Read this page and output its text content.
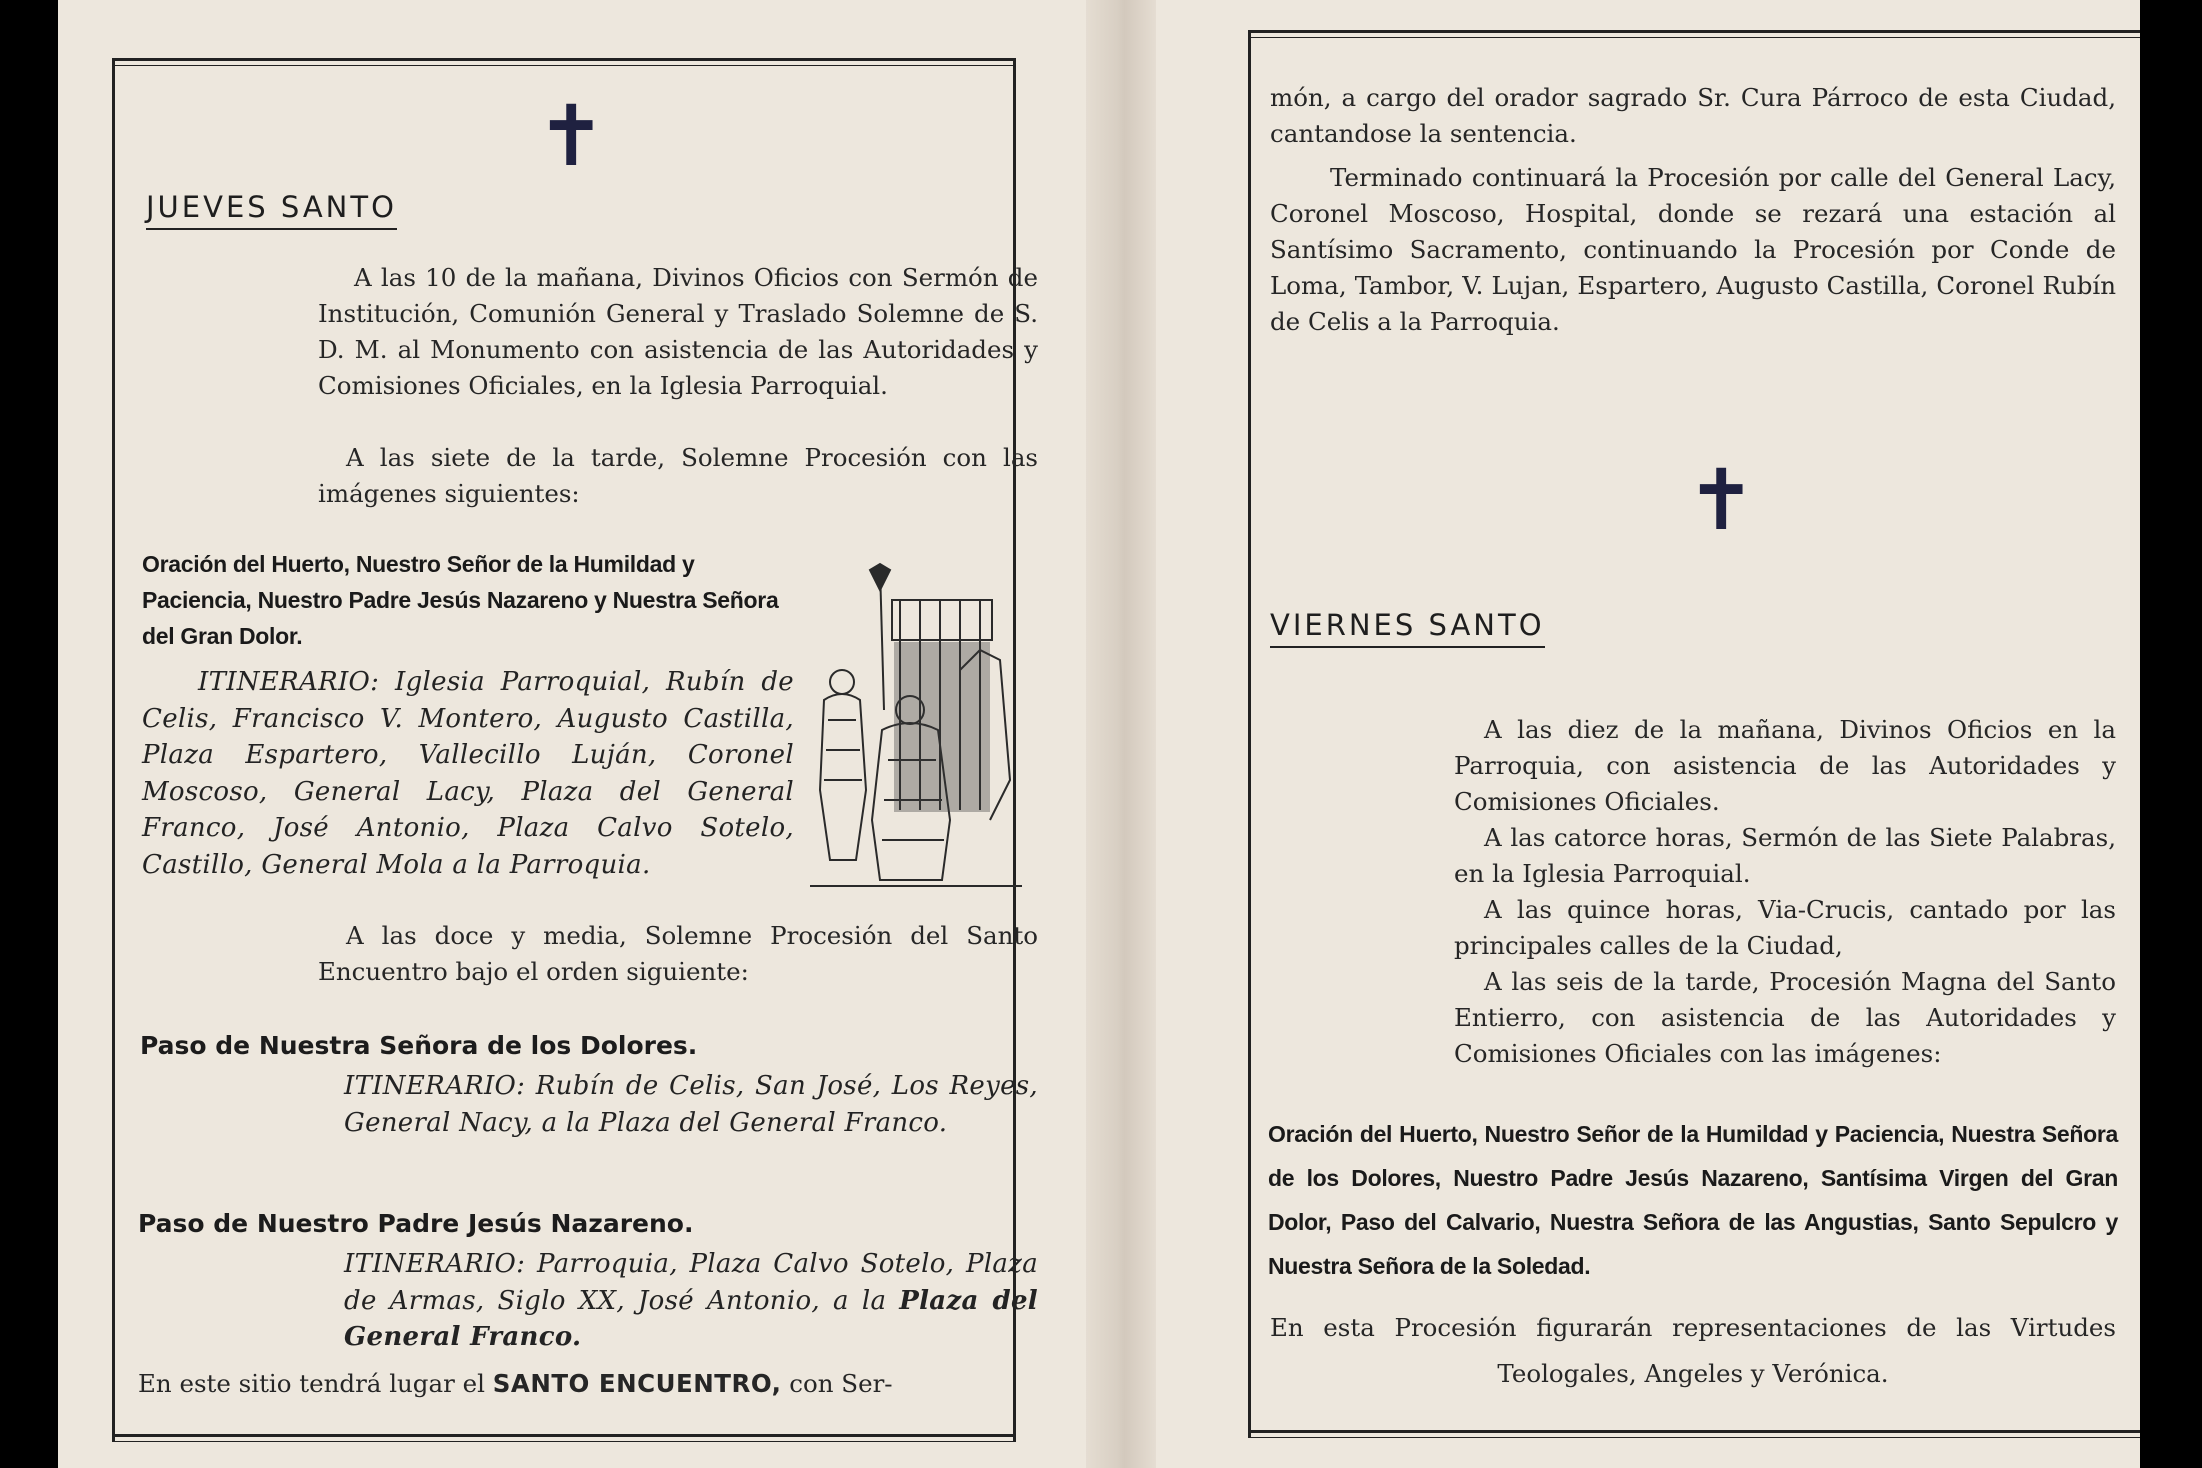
✝
JUEVES SANTO
A las 10 de la mañana, Divinos Oficios con Sermón de Institución, Comunión General y Traslado Solemne de S. D. M. al Monumento con asistencia de las Autoridades y Comisiones Oficiales, en la Iglesia Parroquial.
A las siete de la tarde, Solemne Procesión con las imágenes siguientes:
Oración del Huerto, Nuestro Señor de la Humildad y Paciencia, Nuestro Padre Jesús Nazareno y Nuestra Señora del Gran Dolor.
ITINERARIO: Iglesia Parroquial, Rubín de Celis, Francisco V. Montero, Augusto Castilla, Plaza Espartero, Vallecillo Luján, Coronel Moscoso, General Lacy, Plaza del General Franco, José Antonio, Plaza Calvo Sotelo, Castillo, General Mola a la Parroquia.
A las doce y media, Solemne Procesión del Santo Encuentro bajo el orden siguiente:
Paso de Nuestra Señora de los Dolores.
ITINERARIO: Rubín de Celis, San José, Los Reyes, General Nacy, a la Plaza del General Franco.
Paso de Nuestro Padre Jesús Nazareno.
ITINERARIO: Parroquia, Plaza Calvo Sotelo, Plaza de Armas, Siglo XX, José Antonio, a la Plaza del General Franco.
En este sitio tendrá lugar el SANTO ENCUENTRO, con Ser-
món, a cargo del orador sagrado Sr. Cura Párroco de esta Ciudad, cantandose la sentencia.
Terminado continuará la Procesión por calle del General Lacy, Coronel Moscoso, Hospital, donde se rezará una estación al Santísimo Sacramento, continuando la Procesión por Conde de Loma, Tambor, V. Lujan, Espartero, Augusto Castilla, Coronel Rubín de Celis a la Parroquia.
✝
VIERNES SANTO
A las diez de la mañana, Divinos Oficios en la Parroquia, con asistencia de las Autoridades y Comisiones Oficiales.
A las catorce horas, Sermón de las Siete Palabras, en la Iglesia Parroquial.
A las quince horas, Via-Crucis, cantado por las principales calles de la Ciudad,
A las seis de la tarde, Procesión Magna del Santo Entierro, con asistencia de las Autoridades y Comisiones Oficiales con las imágenes:
Oración del Huerto, Nuestro Señor de la Humildad y Paciencia, Nuestra Señora de los Dolores, Nuestro Padre Jesús Nazareno, Santísima Virgen del Gran Dolor, Paso del Calvario, Nuestra Señora de las Angustias, Santo Sepulcro y Nuestra Señora de la Soledad.
En esta Procesión figurarán representaciones de las Virtudes
Teologales, Angeles y Verónica.
